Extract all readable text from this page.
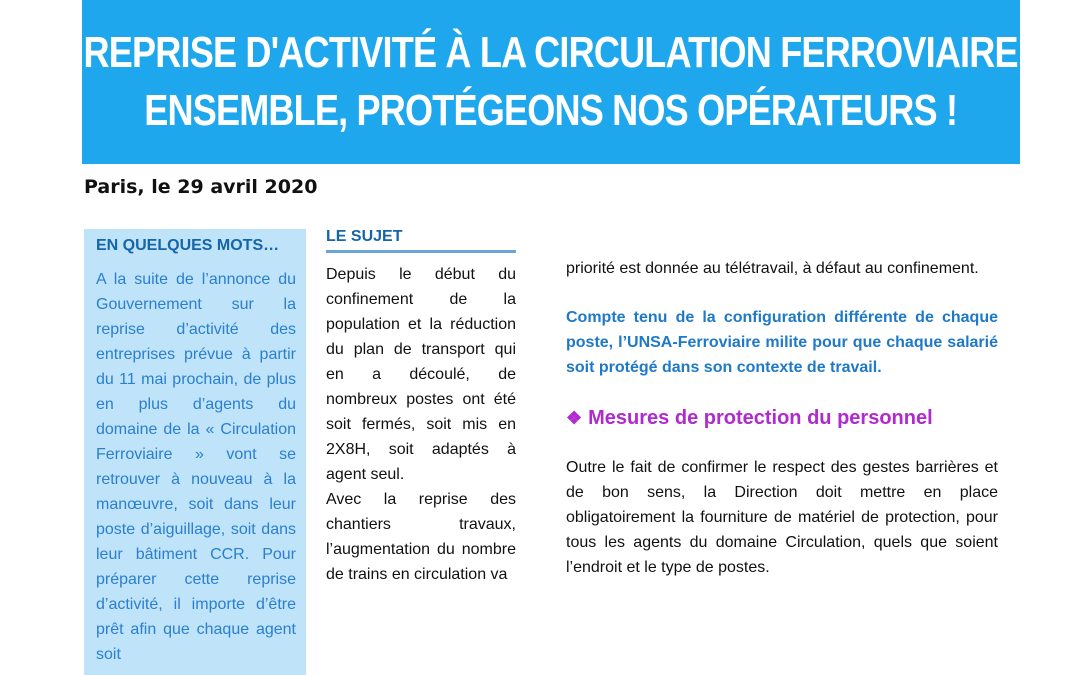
REPRISE D'ACTIVITÉ À LA CIRCULATION FERROVIAIRE
ENSEMBLE, PROTÉGEONS NOS OPÉRATEURS !
Paris, le 29 avril 2020
EN QUELQUES MOTS…
A la suite de l’annonce du Gouvernement sur la reprise d’activité des entreprises prévue à partir du 11 mai prochain, de plus en plus d’agents du domaine de la « Circulation Ferroviaire » vont se retrouver à nouveau à la manœuvre, soit dans leur poste d’aiguillage, soit dans leur bâtiment CCR. Pour préparer cette reprise d’activité, il importe d’être prêt afin que chaque agent soit
LE SUJET

Depuis le début du confinement de la population et la réduction du plan de transport qui en a découlé, de nombreux postes ont été soit fermés, soit mis en 2X8H, soit adaptés à agent seul.

Avec la reprise des chantiers travaux, l’augmentation du nombre de trains en circulation va

priorité est donnée au télétravail, à défaut au confinement.

Compte tenu de la configuration différente de chaque poste, l’UNSA-Ferroviaire milite pour que chaque salarié soit protégé dans son contexte de travail.

❖ Mesures de protection du personnel

Outre le fait de confirmer le respect des gestes barrières et de bon sens, la Direction doit mettre en place obligatoirement la fourniture de matériel de protection, pour tous les agents du domaine Circulation, quels que soient l’endroit et le type de postes.
